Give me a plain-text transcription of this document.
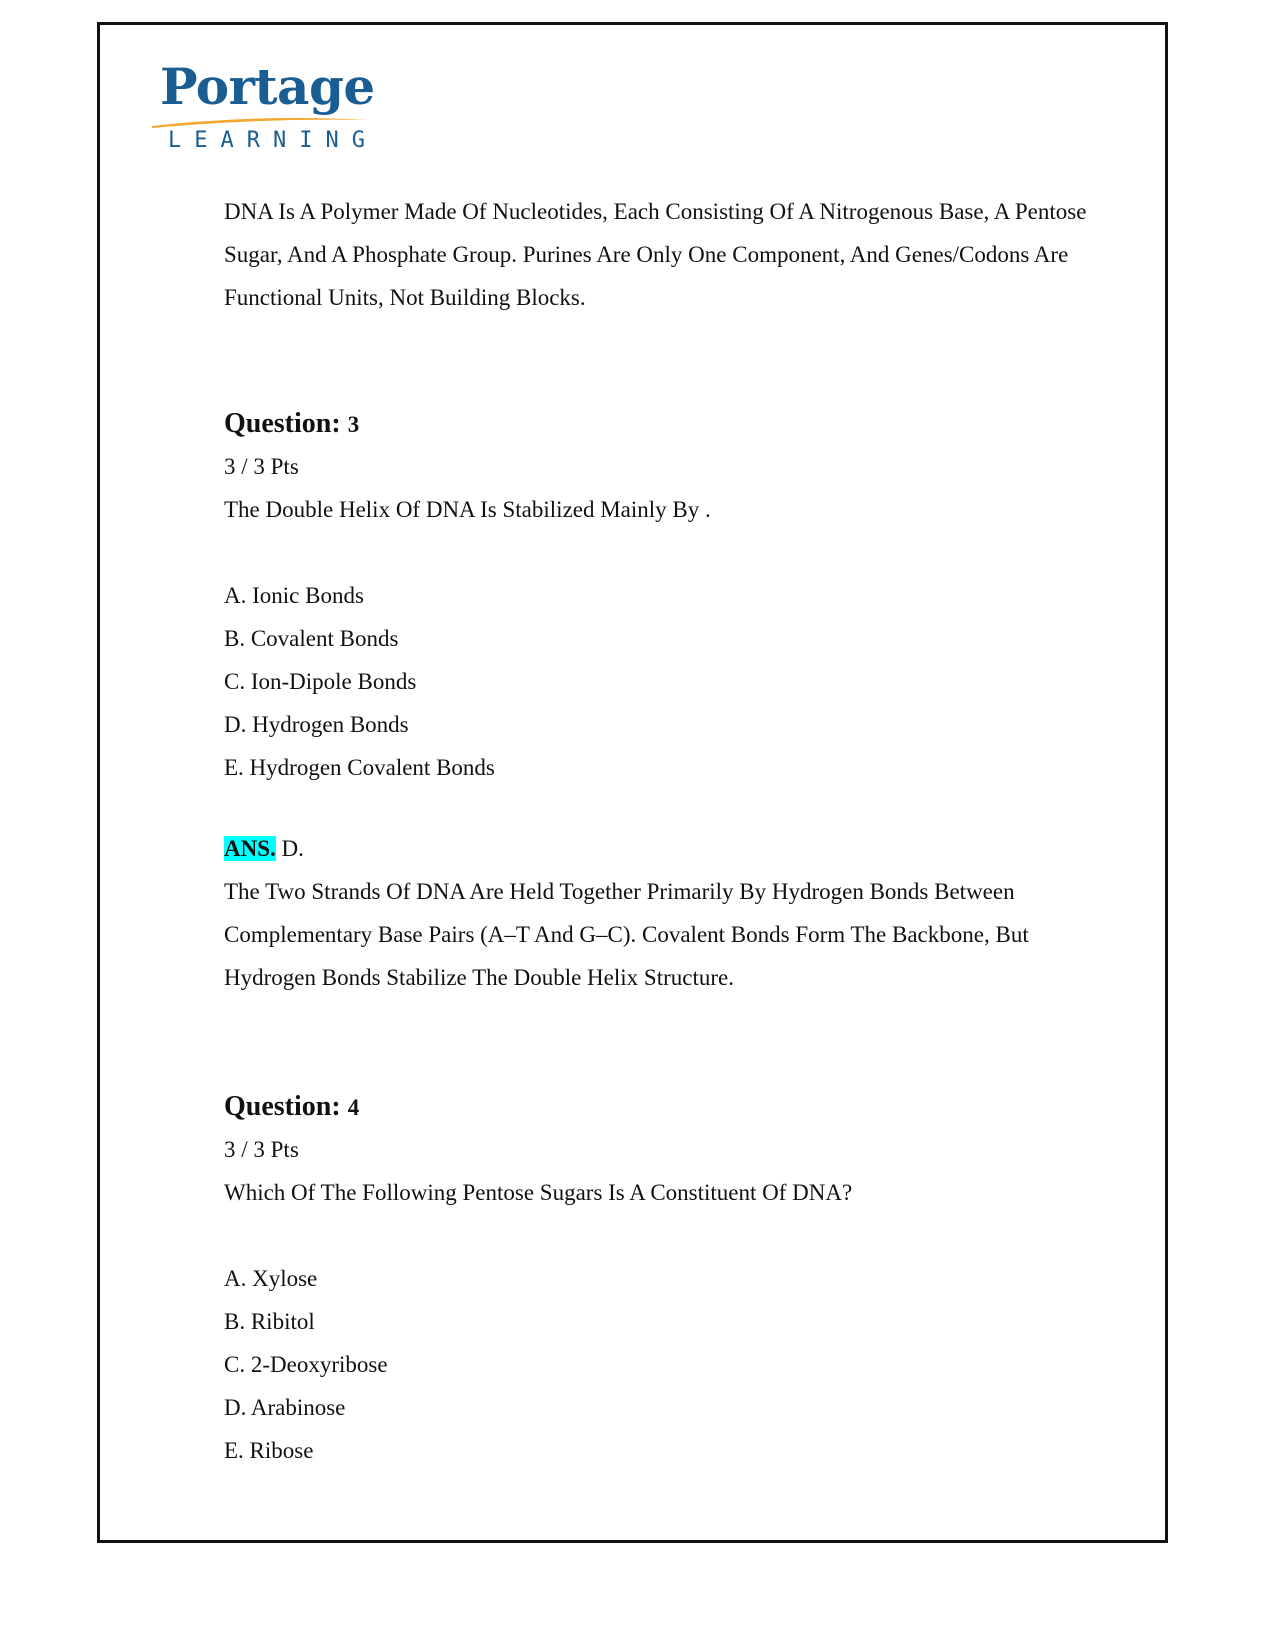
Portage
LEARNING

DNA Is A Polymer Made Of Nucleotides, Each Consisting Of A Nitrogenous Base, A Pentose Sugar, And A Phosphate Group. Purines Are Only One Component, And Genes/Codons Are Functional Units, Not Building Blocks.

Question: 3

3 / 3 Pts

The Double Helix Of DNA Is Stabilized Mainly By .

A. Ionic Bonds
B. Covalent Bonds
C. Ion-Dipole Bonds
D. Hydrogen Bonds
E. Hydrogen Covalent Bonds

ANS. D.

The Two Strands Of DNA Are Held Together Primarily By Hydrogen Bonds Between Complementary Base Pairs (A–T And G–C). Covalent Bonds Form The Backbone, But Hydrogen Bonds Stabilize The Double Helix Structure.

Question: 4

3 / 3 Pts

Which Of The Following Pentose Sugars Is A Constituent Of DNA?

A. Xylose
B. Ribitol
C. 2-Deoxyribose
D. Arabinose
E. Ribose
